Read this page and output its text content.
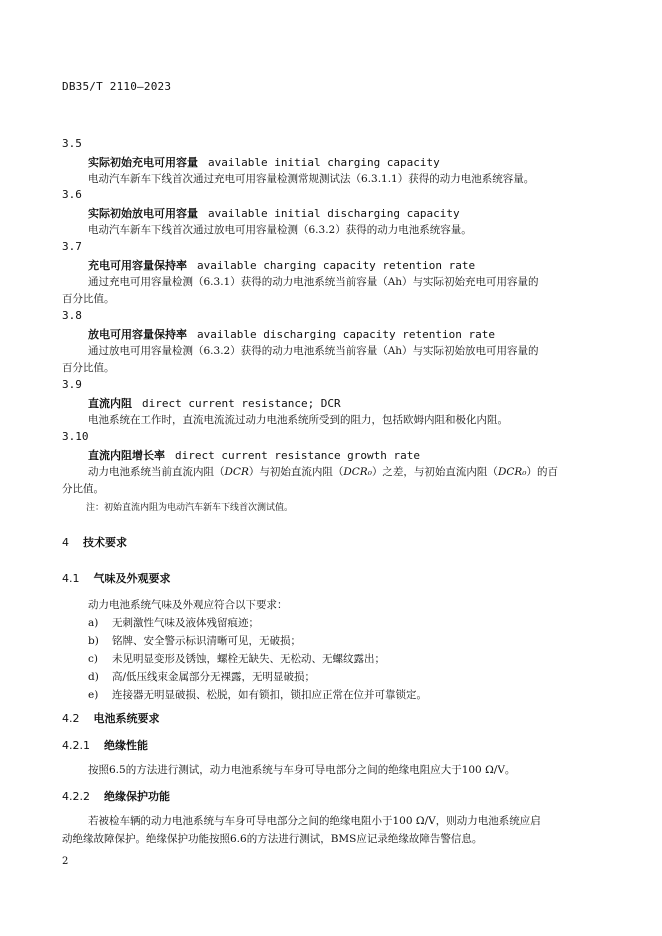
DB35/T 2110—2023
3.5
实际初始充电可用容量 available initial charging capacity
电动汽车新车下线首次通过充电可用容量检测常规测试法（6.3.1.1）获得的动力电池系统容量。
3.6
实际初始放电可用容量 available initial discharging capacity
电动汽车新车下线首次通过放电可用容量检测（6.3.2）获得的动力电池系统容量。
3.7
充电可用容量保持率 available charging capacity retention rate
通过充电可用容量检测（6.3.1）获得的动力电池系统当前容量（Ah）与实际初始充电可用容量的
百分比值。
3.8
放电可用容量保持率 available discharging capacity retention rate
通过放电可用容量检测（6.3.2）获得的动力电池系统当前容量（Ah）与实际初始放电可用容量的
百分比值。
3.9
直流内阻 direct current resistance; DCR
电池系统在工作时，直流电流流过动力电池系统所受到的阻力，包括欧姆内阻和极化内阻。
3.10
直流内阻增长率 direct current resistance growth rate
动力电池系统当前直流内阻（DCR）与初始直流内阻（DCR₀）之差，与初始直流内阻（DCR₀）的百
分比值。
注：初始直流内阻为电动汽车新车下线首次测试值。
4 技术要求
4.1 气味及外观要求
动力电池系统气味及外观应符合以下要求：
a) 无刺激性气味及液体残留痕迹；
b) 铭牌、安全警示标识清晰可见，无破损；
c) 未见明显变形及锈蚀，螺栓无缺失、无松动、无螺纹露出；
d) 高/低压线束金属部分无裸露，无明显破损；
e) 连接器无明显破损、松脱，如有锁扣，锁扣应正常在位并可靠锁定。
4.2 电池系统要求
4.2.1 绝缘性能
按照6.5的方法进行测试，动力电池系统与车身可导电部分之间的绝缘电阻应大于100 Ω/V。
4.2.2 绝缘保护功能
若被检车辆的动力电池系统与车身可导电部分之间的绝缘电阻小于100 Ω/V，则动力电池系统应启
动绝缘故障保护。绝缘保护功能按照6.6的方法进行测试，BMS应记录绝缘故障告警信息。
2
